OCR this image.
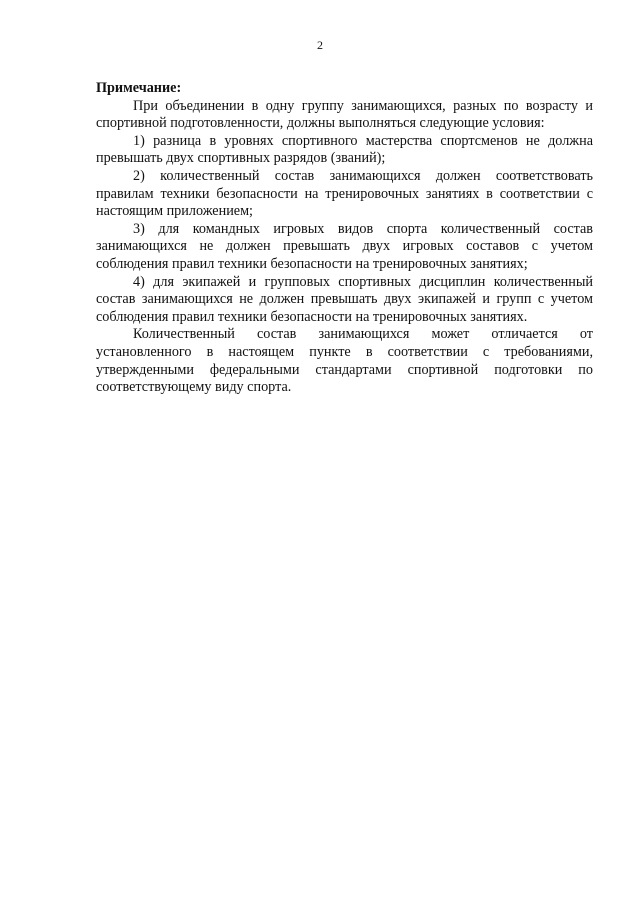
2

Примечание:

При объединении в одну группу занимающихся, разных по возрасту и спортивной подготовленности, должны выполняться следующие условия:

1) разница в уровнях спортивного мастерства спортсменов не должна превышать двух спортивных разрядов (званий);

2) количественный состав занимающихся должен соответствовать правилам техники безопасности на тренировочных занятиях в соответствии с настоящим приложением;

3) для командных игровых видов спорта количественный состав занимающихся не должен превышать двух игровых составов с учетом соблюдения правил техники безопасности на тренировочных занятиях;

4) для экипажей и групповых спортивных дисциплин количественный состав занимающихся не должен превышать двух экипажей и групп с учетом соблюдения правил техники безопасности на тренировочных занятиях.

Количественный состав занимающихся может отличается от установленного в настоящем пункте в соответствии с требованиями, утвержденными федеральными стандартами спортивной подготовки по соответствующему виду спорта.
